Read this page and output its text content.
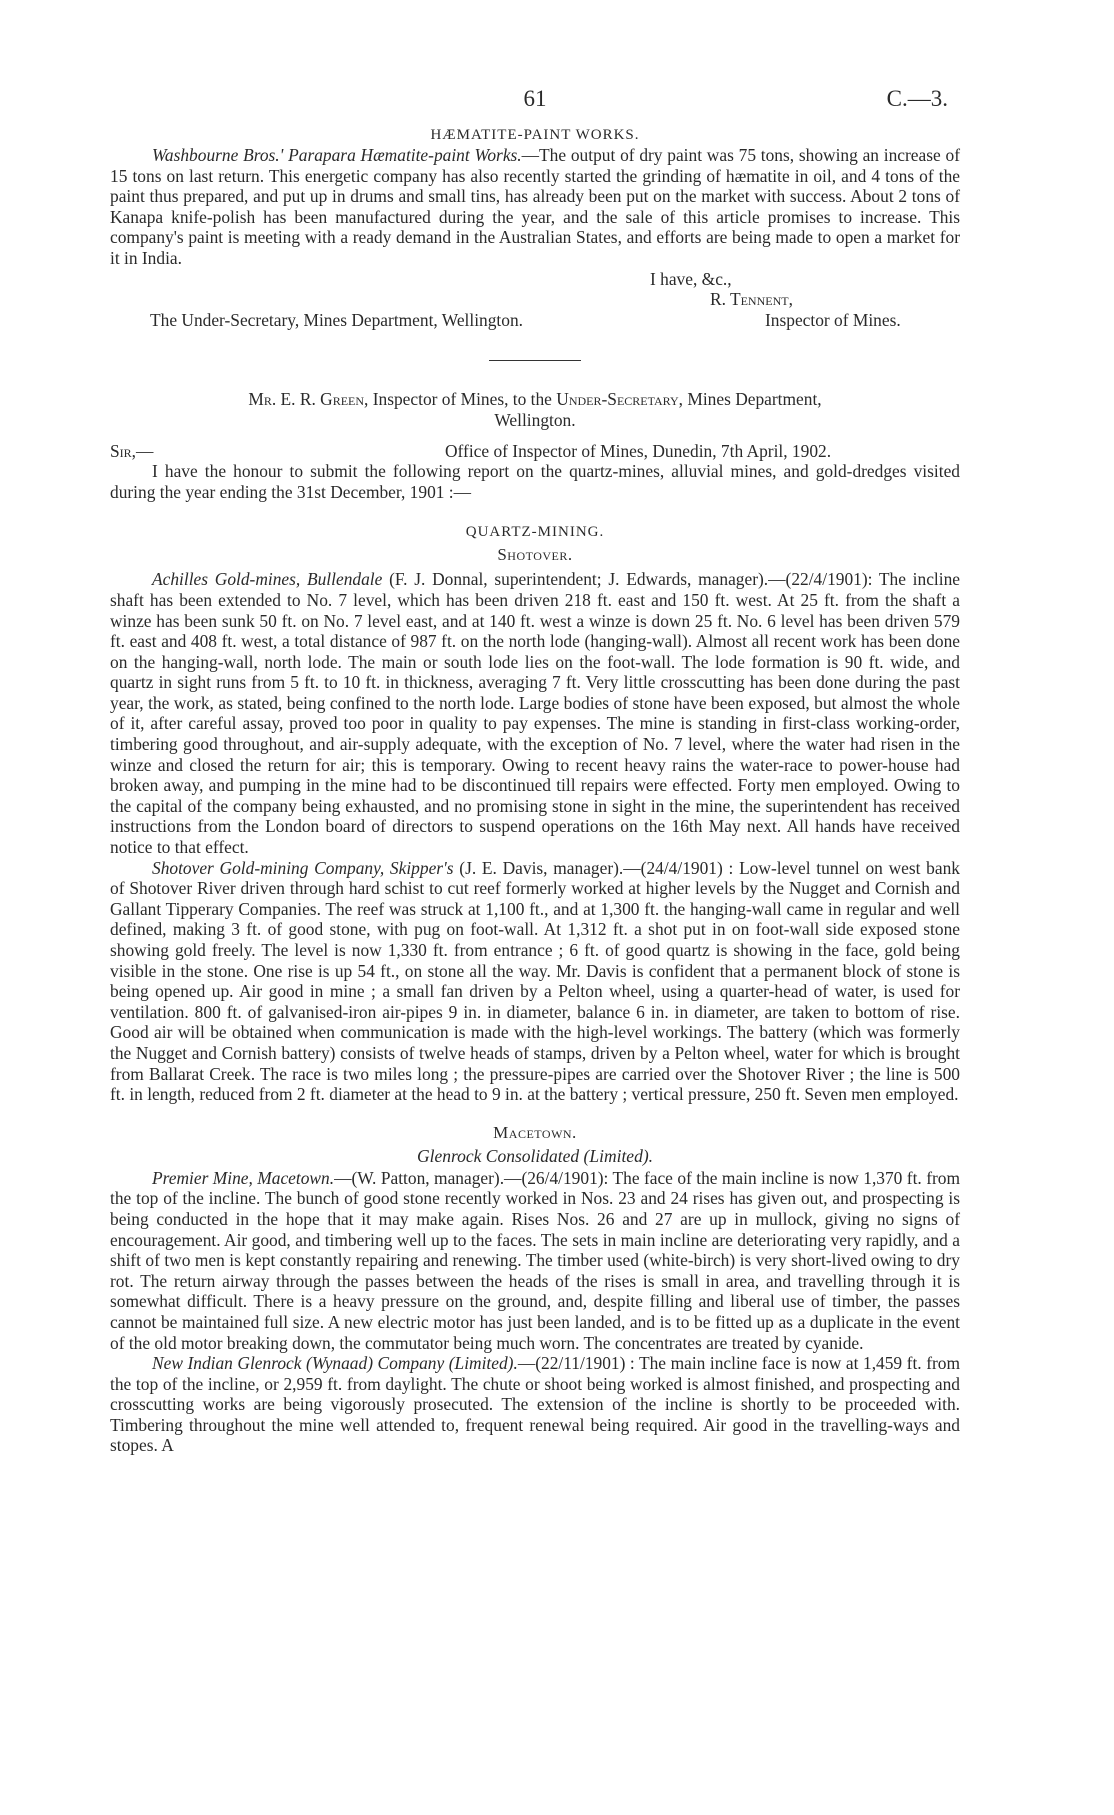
61	C.—3.
HÆMATITE-PAINT WORKS.

Washbourne Bros.' Parapara Hæmatite-paint Works.—The output of dry paint was 75 tons, showing an increase of 15 tons on last return. This energetic company has also recently started the grinding of hæmatite in oil, and 4 tons of the paint thus prepared, and put up in drums and small tins, has already been put on the market with success. About 2 tons of Kanapa knife-polish has been manufactured during the year, and the sale of this article promises to increase. This company's paint is meeting with a ready demand in the Australian States, and efforts are being made to open a market for it in India.

I have, &c.,
R. Tennent,
The Under-Secretary, Mines Department, Wellington.	Inspector of Mines.

Mr. E. R. Green, Inspector of Mines, to the Under-Secretary, Mines Department,

Wellington.

Sir,—	Office of Inspector of Mines, Dunedin, 7th April, 1902.

I have the honour to submit the following report on the quartz-mines, alluvial mines, and gold-dredges visited during the year ending the 31st December, 1901 :—

QUARTZ-MINING.
Shotover.

Achilles Gold-mines, Bullendale (F. J. Donnal, superintendent; J. Edwards, manager).—(22/4/1901): The incline shaft has been extended to No. 7 level, which has been driven 218 ft. east and 150 ft. west. At 25 ft. from the shaft a winze has been sunk 50 ft. on No. 7 level east, and at 140 ft. west a winze is down 25 ft. No. 6 level has been driven 579 ft. east and 408 ft. west, a total distance of 987 ft. on the north lode (hanging-wall). Almost all recent work has been done on the hanging-wall, north lode. The main or south lode lies on the foot-wall. The lode formation is 90 ft. wide, and quartz in sight runs from 5 ft. to 10 ft. in thickness, averaging 7 ft. Very little crosscutting has been done during the past year, the work, as stated, being confined to the north lode. Large bodies of stone have been exposed, but almost the whole of it, after careful assay, proved too poor in quality to pay expenses. The mine is standing in first-class working-order, timbering good throughout, and air-supply adequate, with the exception of No. 7 level, where the water had risen in the winze and closed the return for air; this is temporary. Owing to recent heavy rains the water-race to power-house had broken away, and pumping in the mine had to be discontinued till repairs were effected. Forty men employed. Owing to the capital of the company being exhausted, and no promising stone in sight in the mine, the superintendent has received instructions from the London board of directors to suspend operations on the 16th May next. All hands have received notice to that effect.

Shotover Gold-mining Company, Skipper's (J. E. Davis, manager).—(24/4/1901) : Low-level tunnel on west bank of Shotover River driven through hard schist to cut reef formerly worked at higher levels by the Nugget and Cornish and Gallant Tipperary Companies. The reef was struck at 1,100 ft., and at 1,300 ft. the hanging-wall came in regular and well defined, making 3 ft. of good stone, with pug on foot-wall. At 1,312 ft. a shot put in on foot-wall side exposed stone showing gold freely. The level is now 1,330 ft. from entrance ; 6 ft. of good quartz is showing in the face, gold being visible in the stone. One rise is up 54 ft., on stone all the way. Mr. Davis is confident that a permanent block of stone is being opened up. Air good in mine ; a small fan driven by a Pelton wheel, using a quarter-head of water, is used for ventilation. 800 ft. of galvanised-iron air-pipes 9 in. in diameter, balance 6 in. in diameter, are taken to bottom of rise. Good air will be obtained when communication is made with the high-level workings. The battery (which was formerly the Nugget and Cornish battery) consists of twelve heads of stamps, driven by a Pelton wheel, water for which is brought from Ballarat Creek. The race is two miles long ; the pressure-pipes are carried over the Shotover River ; the line is 500 ft. in length, reduced from 2 ft. diameter at the head to 9 in. at the battery ; vertical pressure, 250 ft. Seven men employed.

Macetown.
Glenrock Consolidated (Limited).

Premier Mine, Macetown.—(W. Patton, manager).—(26/4/1901): The face of the main incline is now 1,370 ft. from the top of the incline. The bunch of good stone recently worked in Nos. 23 and 24 rises has given out, and prospecting is being conducted in the hope that it may make again. Rises Nos. 26 and 27 are up in mullock, giving no signs of encouragement. Air good, and timbering well up to the faces. The sets in main incline are deteriorating very rapidly, and a shift of two men is kept constantly repairing and renewing. The timber used (white-birch) is very short-lived owing to dry rot. The return airway through the passes between the heads of the rises is small in area, and travelling through it is somewhat difficult. There is a heavy pressure on the ground, and, despite filling and liberal use of timber, the passes cannot be maintained full size. A new electric motor has just been landed, and is to be fitted up as a duplicate in the event of the old motor breaking down, the commutator being much worn. The concentrates are treated by cyanide.

New Indian Glenrock (Wynaad) Company (Limited).—(22/11/1901) : The main incline face is now at 1,459 ft. from the top of the incline, or 2,959 ft. from daylight. The chute or shoot being worked is almost finished, and prospecting and crosscutting works are being vigorously prosecuted. The extension of the incline is shortly to be proceeded with. Timbering throughout the mine well attended to, frequent renewal being required. Air good in the travelling-ways and stopes. A
